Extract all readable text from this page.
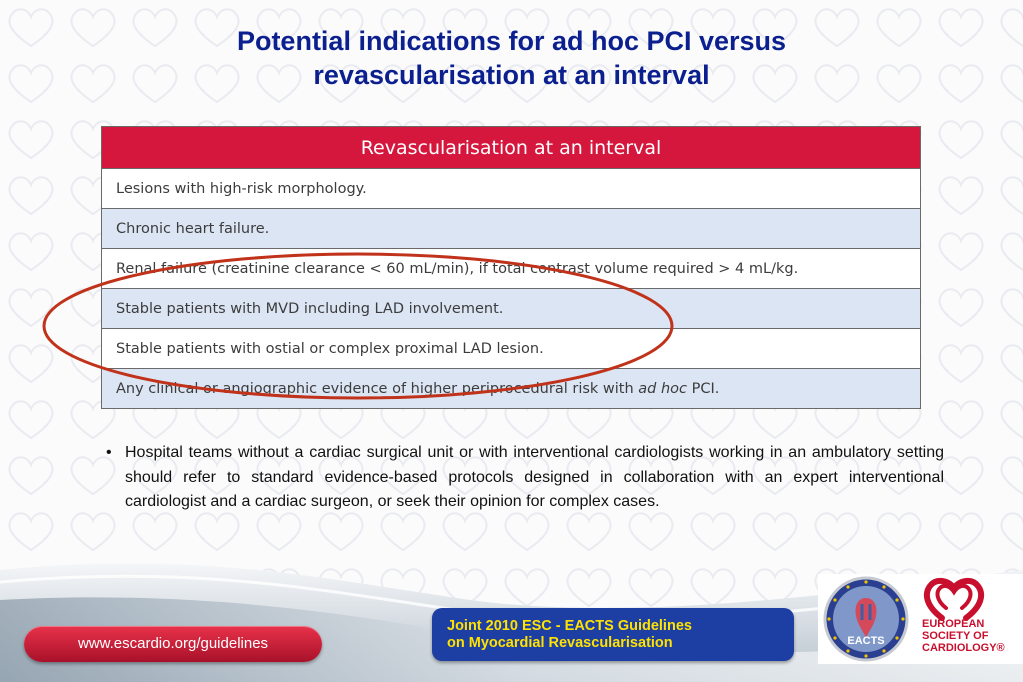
Potential indications for ad hoc PCI versus
revascularisation at an interval
Revascularisation at an interval
Lesions with high-risk morphology.
Chronic heart failure.
Renal failure (creatinine clearance < 60 mL/min), if total contrast volume required > 4 mL/kg.
Stable patients with MVD including LAD involvement.
Stable patients with ostial or complex proximal LAD lesion.
Any clinical or angiographic evidence of higher periprocedural risk with ad hoc PCI.
• Hospital teams without a cardiac surgical unit or with interventional cardiologists working in an ambulatory setting should refer to standard evidence-based protocols designed in collaboration with an expert interventional cardiologist and a cardiac surgeon, or seek their opinion for complex cases.
www.escardio.org/guidelines
Joint 2010 ESC - EACTS Guidelines
on Myocardial Revascularisation	EACTS
EUROPEAN
SOCIETY OF
CARDIOLOGY®
